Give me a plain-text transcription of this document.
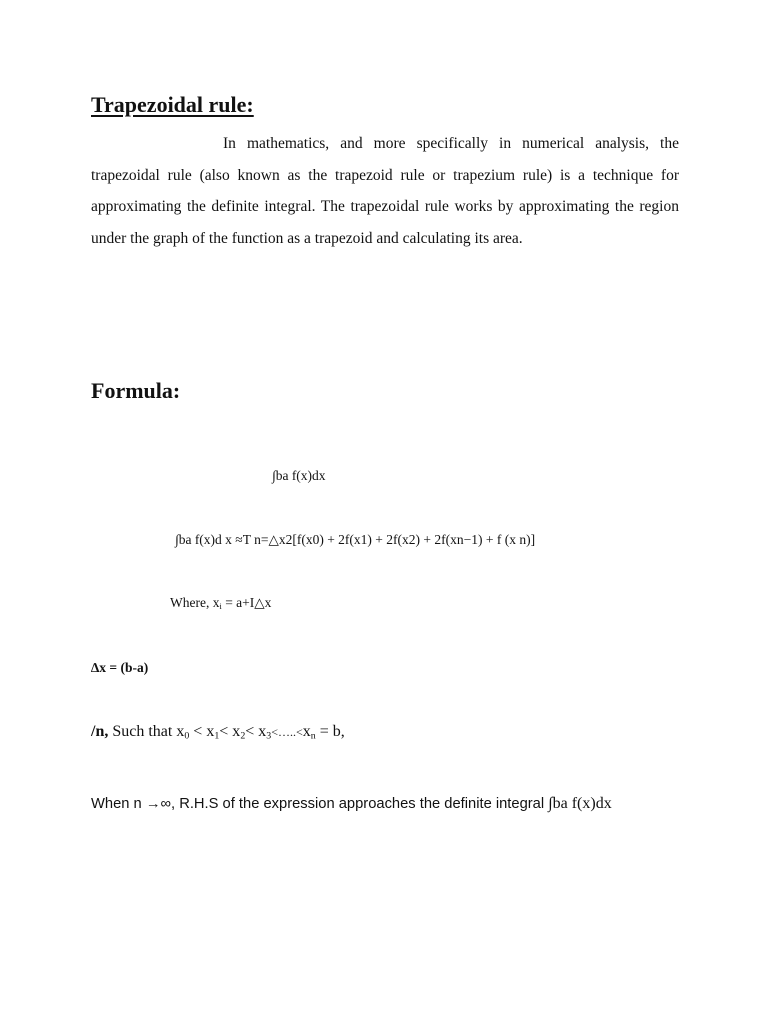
Trapezoidal rule:

In mathematics, and more specifically in numerical analysis, the trapezoidal rule (also known as the trapezoid rule or trapezium rule) is a technique for approximating the definite integral. The trapezoidal rule works by approximating the region under the graph of the function as a trapezoid and calculating its area.

Formula:

∫ba f(x)dx

∫ba f(x)d x ≈T n=△x2[f(x0) + 2f(x1) + 2f(x2) + 2f(xn−1) + f (x n)]

Where, $x_i$ = a+I△x

∆x = (b-a)

/n, Such that $x_0 < x_1< x_2<$ $x_3<\dots..<x_n = b$,

When n →∞, R.H.S of the expression approaches the definite integral ∫ba f(x)dx
